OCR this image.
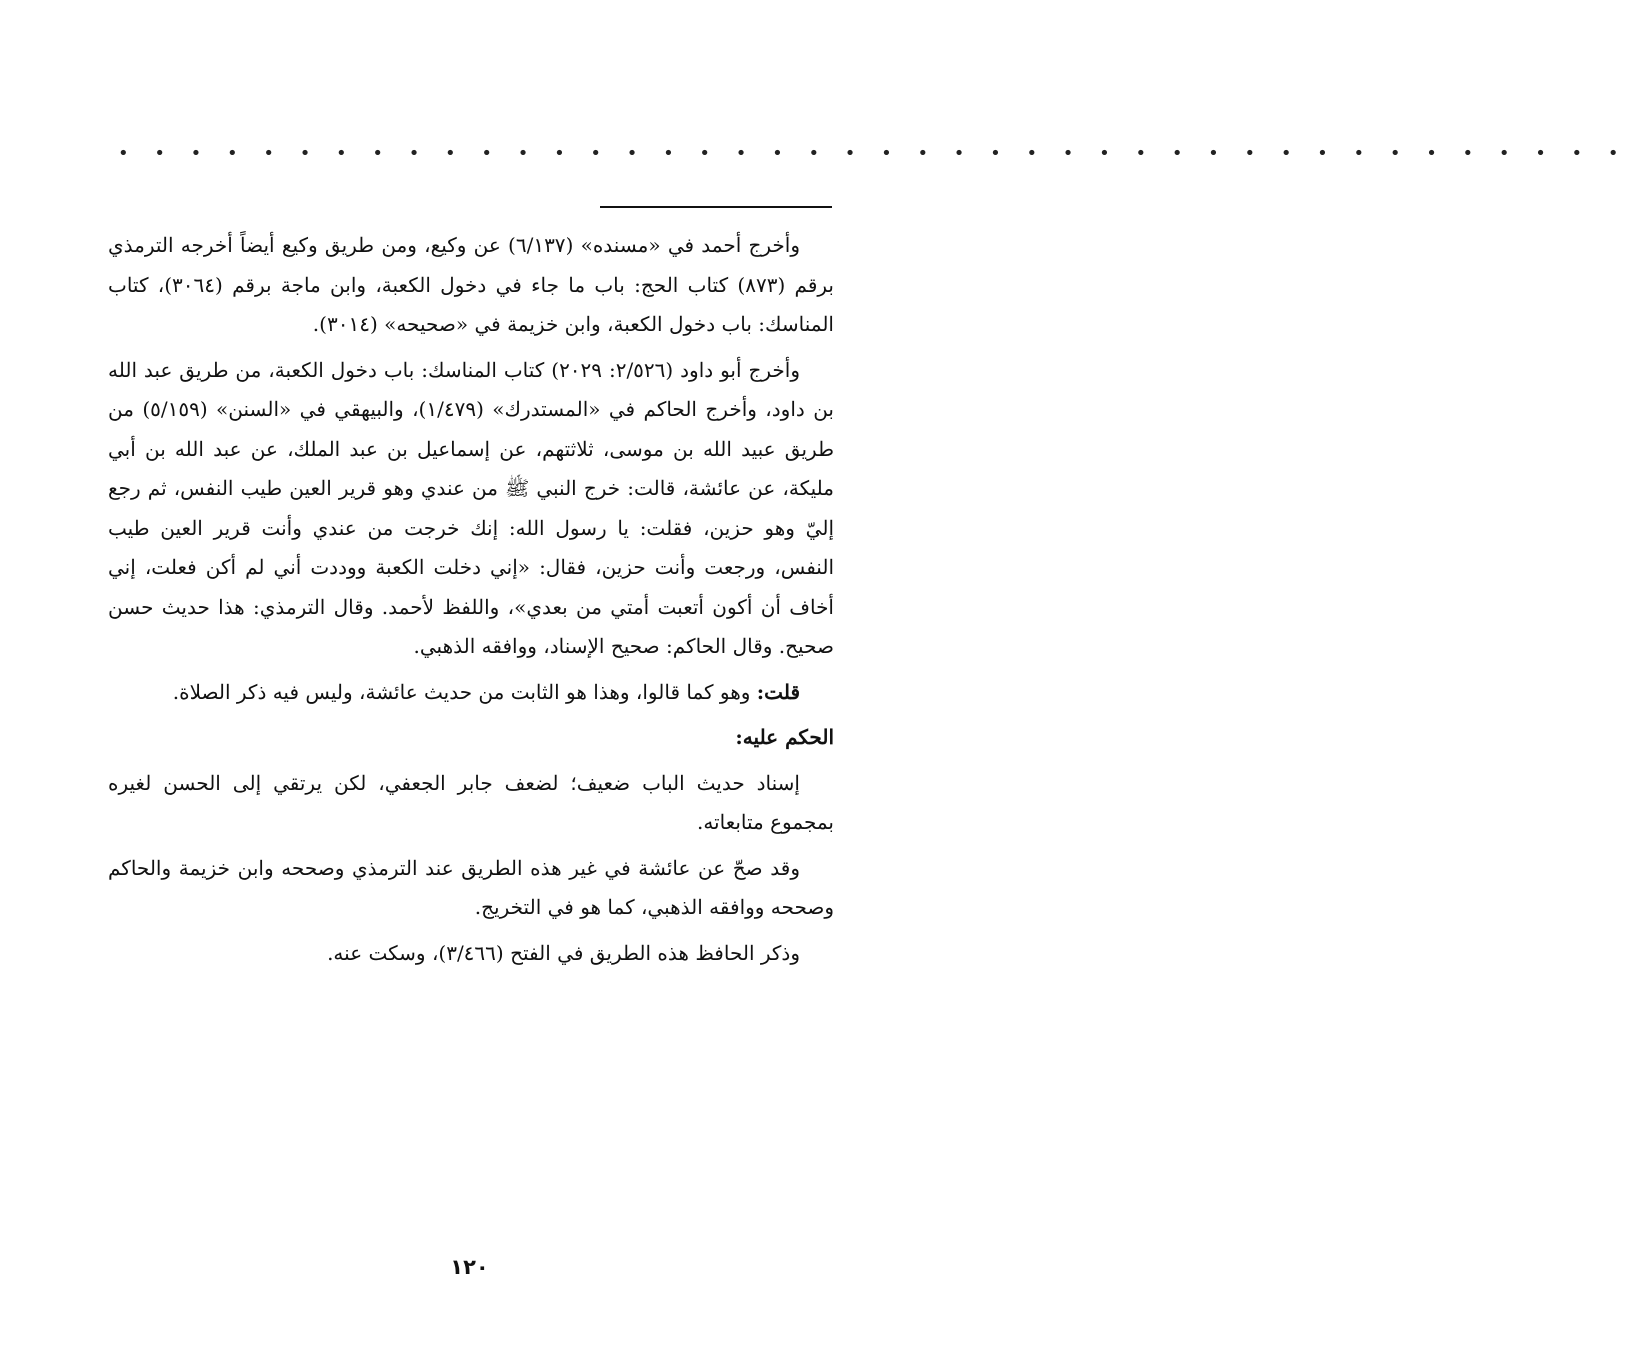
• • • • • • • • • • • • • • • • • • • • • • • • • • • • • • • • • • • • • • • • • •

وأخرج أحمد في «مسنده» (٦/١٣٧) عن وكيع، ومن طريق وكيع أيضاً أخرجه الترمذي برقم (٨٧٣) كتاب الحج: باب ما جاء في دخول الكعبة، وابن ماجة برقم (٣٠٦٤)، كتاب المناسك: باب دخول الكعبة، وابن خزيمة في «صحيحه» (٣٠١٤).

وأخرج أبو داود (٢/٥٢٦: ٢٠٢٩) كتاب المناسك: باب دخول الكعبة، من طريق عبد الله بن داود، وأخرج الحاكم في «المستدرك» (١/٤٧٩)، والبيهقي في «السنن» (٥/١٥٩) من طريق عبيد الله بن موسى، ثلاثتهم، عن إسماعيل بن عبد الملك، عن عبد الله بن أبي مليكة، عن عائشة، قالت: خرج النبي ﷺ من عندي وهو قرير العين طيب النفس، ثم رجع إليّ وهو حزين، فقلت: يا رسول الله: إنك خرجت من عندي وأنت قرير العين طيب النفس، ورجعت وأنت حزين، فقال: «إني دخلت الكعبة ووددت أني لم أكن فعلت، إني أخاف أن أكون أتعبت أمتي من بعدي»، واللفظ لأحمد. وقال الترمذي: هذا حديث حسن صحيح. وقال الحاكم: صحيح الإسناد، ووافقه الذهبي.

قلت: وهو كما قالوا، وهذا هو الثابت من حديث عائشة، وليس فيه ذكر الصلاة.

الحكم عليه:

إسناد حديث الباب ضعيف؛ لضعف جابر الجعفي، لكن يرتقي إلى الحسن لغيره بمجموع متابعاته.

وقد صحّ عن عائشة في غير هذه الطريق عند الترمذي وصححه وابن خزيمة والحاكم وصححه ووافقه الذهبي، كما هو في التخريج.

وذكر الحافظ هذه الطريق في الفتح (٣/٤٦٦)، وسكت عنه.

١٢٠
